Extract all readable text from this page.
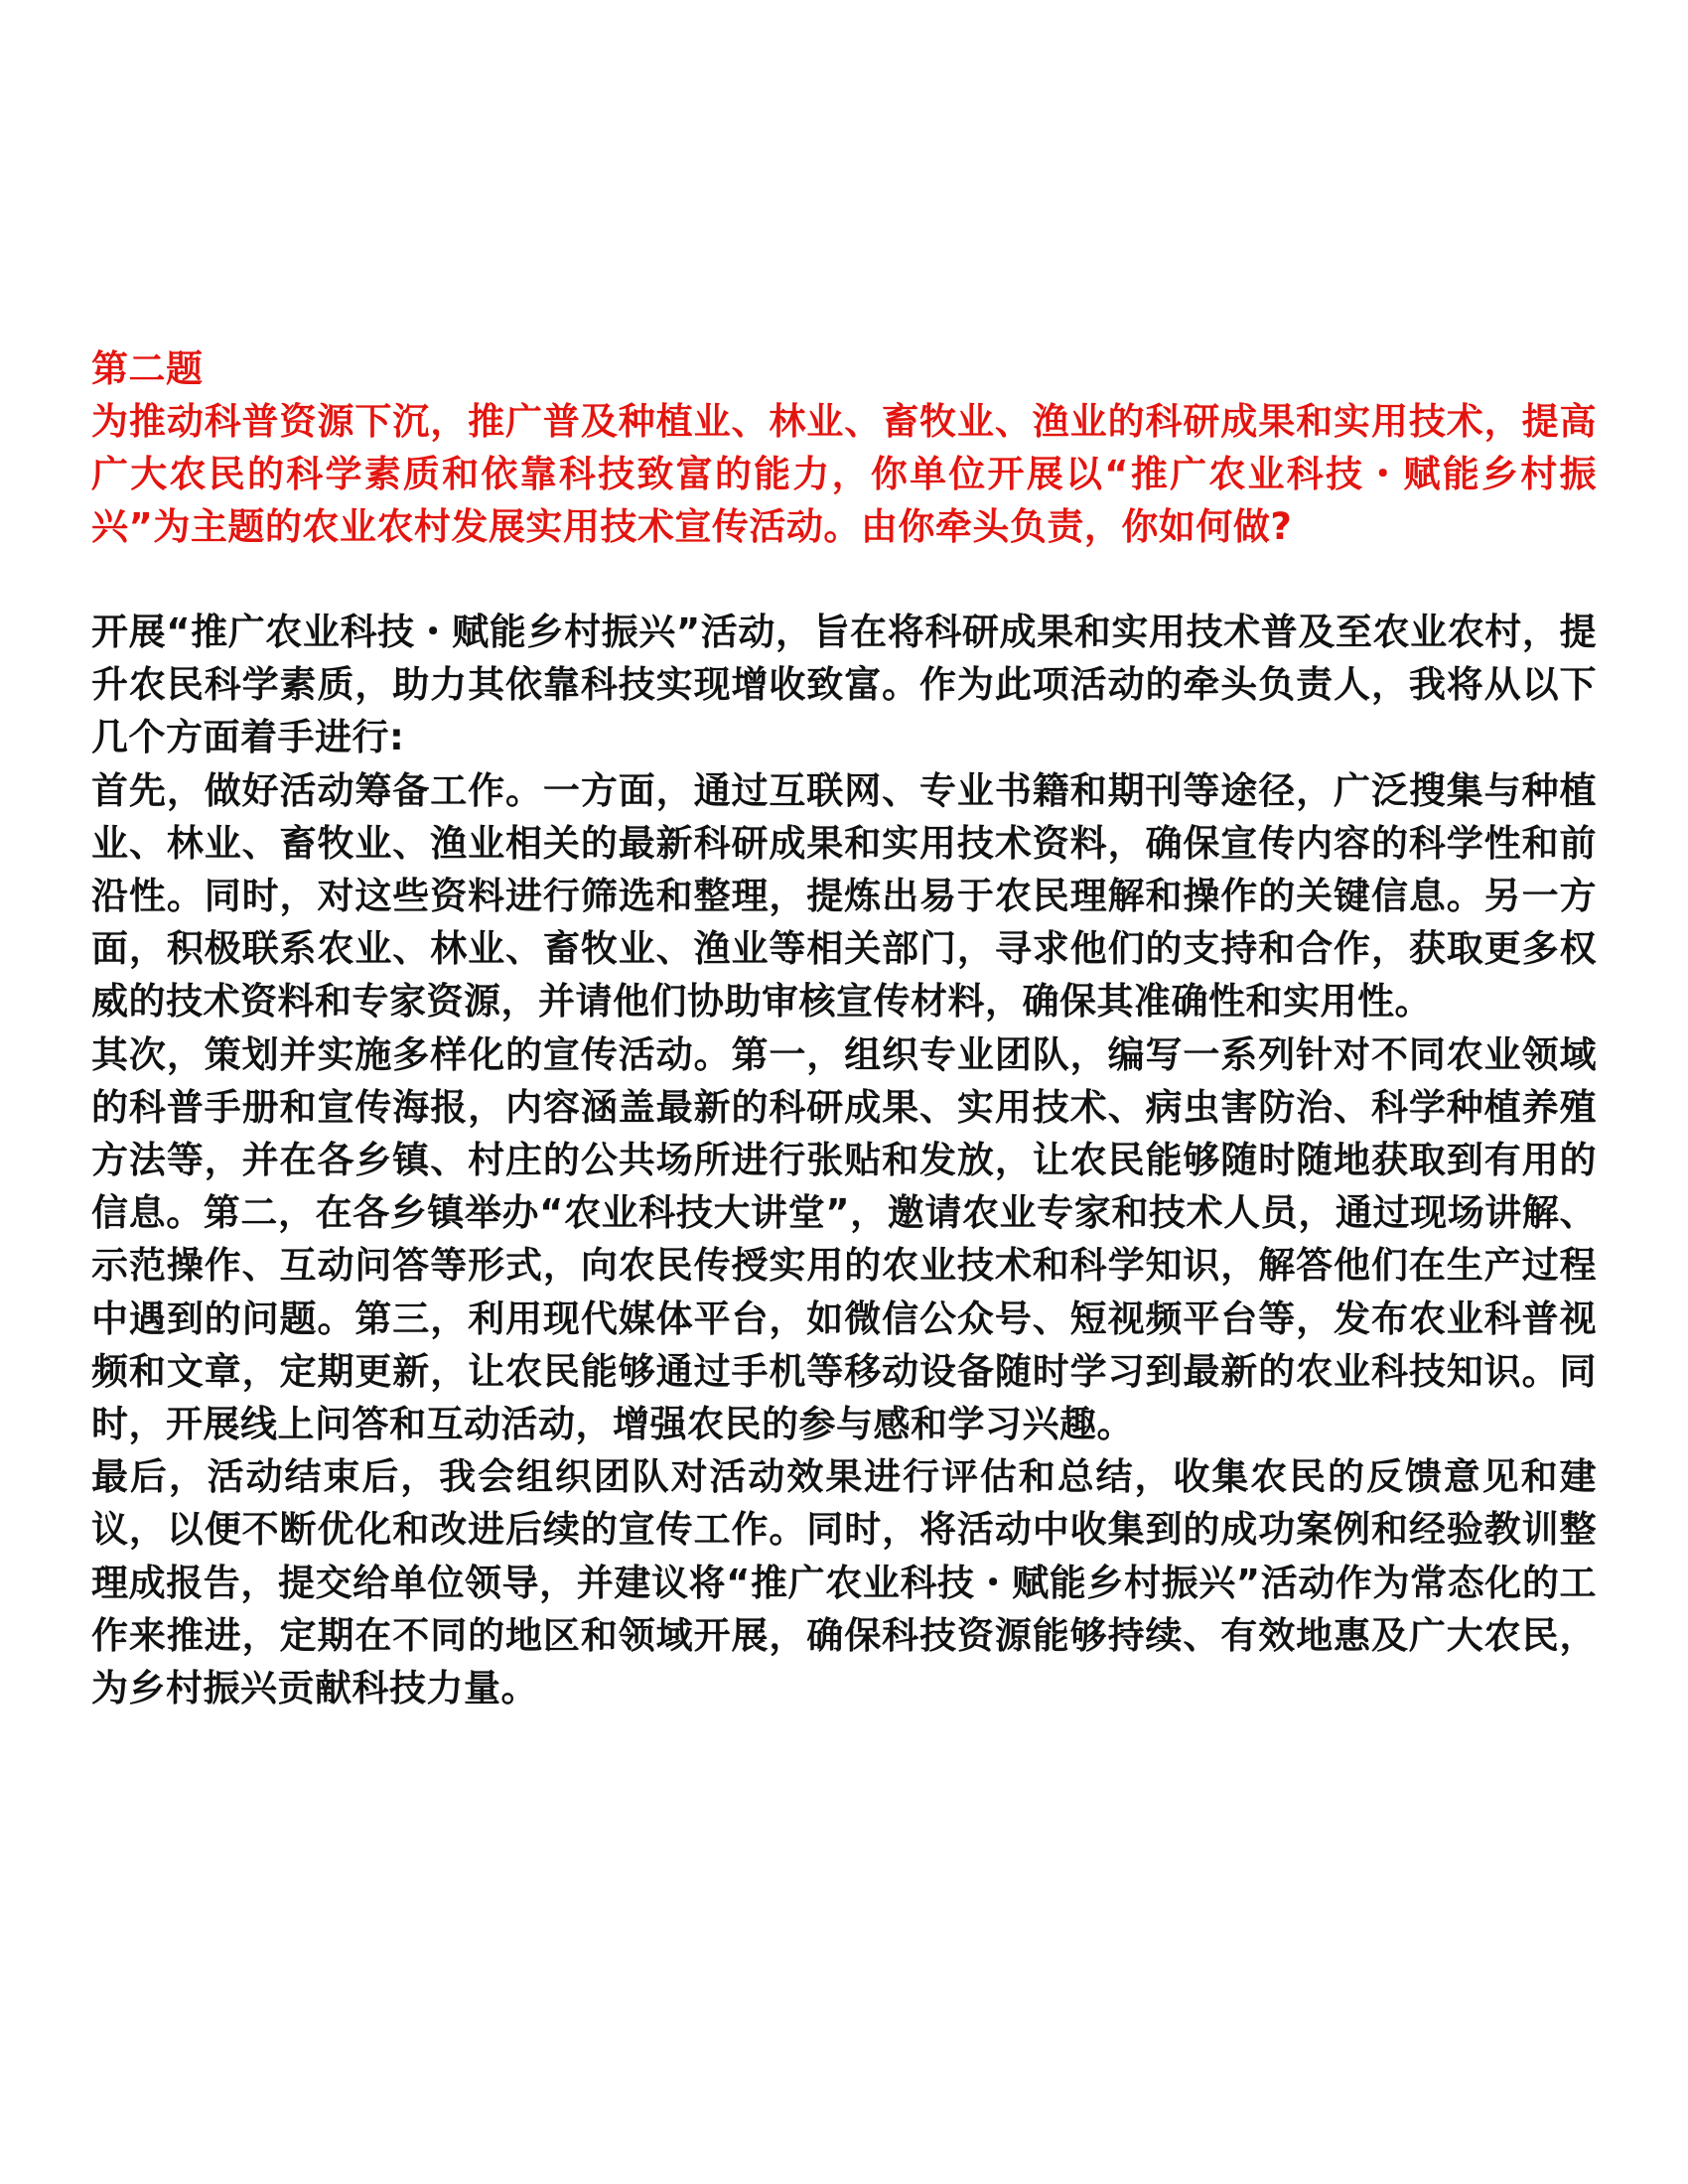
第二题

为推动科普资源下沉，推广普及种植业、林业、畜牧业、渔业的科研成果和实用技术，提高广大农民的科学素质和依靠科技致富的能力，你单位开展以“推广农业科技・赋能乡村振兴”为主题的农业农村发展实用技术宣传活动。由你牵头负责，你如何做?

开展“推广农业科技・赋能乡村振兴”活动，旨在将科研成果和实用技术普及至农业农村，提升农民科学素质，助力其依靠科技实现增收致富。作为此项活动的牵头负责人，我将从以下几个方面着手进行:

首先，做好活动筹备工作。一方面，通过互联网、专业书籍和期刊等途径，广泛搜集与种植业、林业、畜牧业、渔业相关的最新科研成果和实用技术资料，确保宣传内容的科学性和前沿性。同时，对这些资料进行筛选和整理，提炼出易于农民理解和操作的关键信息。另一方面，积极联系农业、林业、畜牧业、渔业等相关部门，寻求他们的支持和合作，获取更多权威的技术资料和专家资源，并请他们协助审核宣传材料，确保其准确性和实用性。

其次，策划并实施多样化的宣传活动。第一，组织专业团队，编写一系列针对不同农业领域的科普手册和宣传海报，内容涵盖最新的科研成果、实用技术、病虫害防治、科学种植养殖方法等，并在各乡镇、村庄的公共场所进行张贴和发放，让农民能够随时随地获取到有用的信息。第二，在各乡镇举办“农业科技大讲堂”，邀请农业专家和技术人员，通过现场讲解、示范操作、互动问答等形式，向农民传授实用的农业技术和科学知识，解答他们在生产过程中遇到的问题。第三，利用现代媒体平台，如微信公众号、短视频平台等，发布农业科普视频和文章，定期更新，让农民能够通过手机等移动设备随时学习到最新的农业科技知识。同时，开展线上问答和互动活动，增强农民的参与感和学习兴趣。

最后，活动结束后，我会组织团队对活动效果进行评估和总结，收集农民的反馈意见和建议，以便不断优化和改进后续的宣传工作。同时，将活动中收集到的成功案例和经验教训整理成报告，提交给单位领导，并建议将“推广农业科技・赋能乡村振兴”活动作为常态化的工作来推进，定期在不同的地区和领域开展，确保科技资源能够持续、有效地惠及广大农民，为乡村振兴贡献科技力量。
